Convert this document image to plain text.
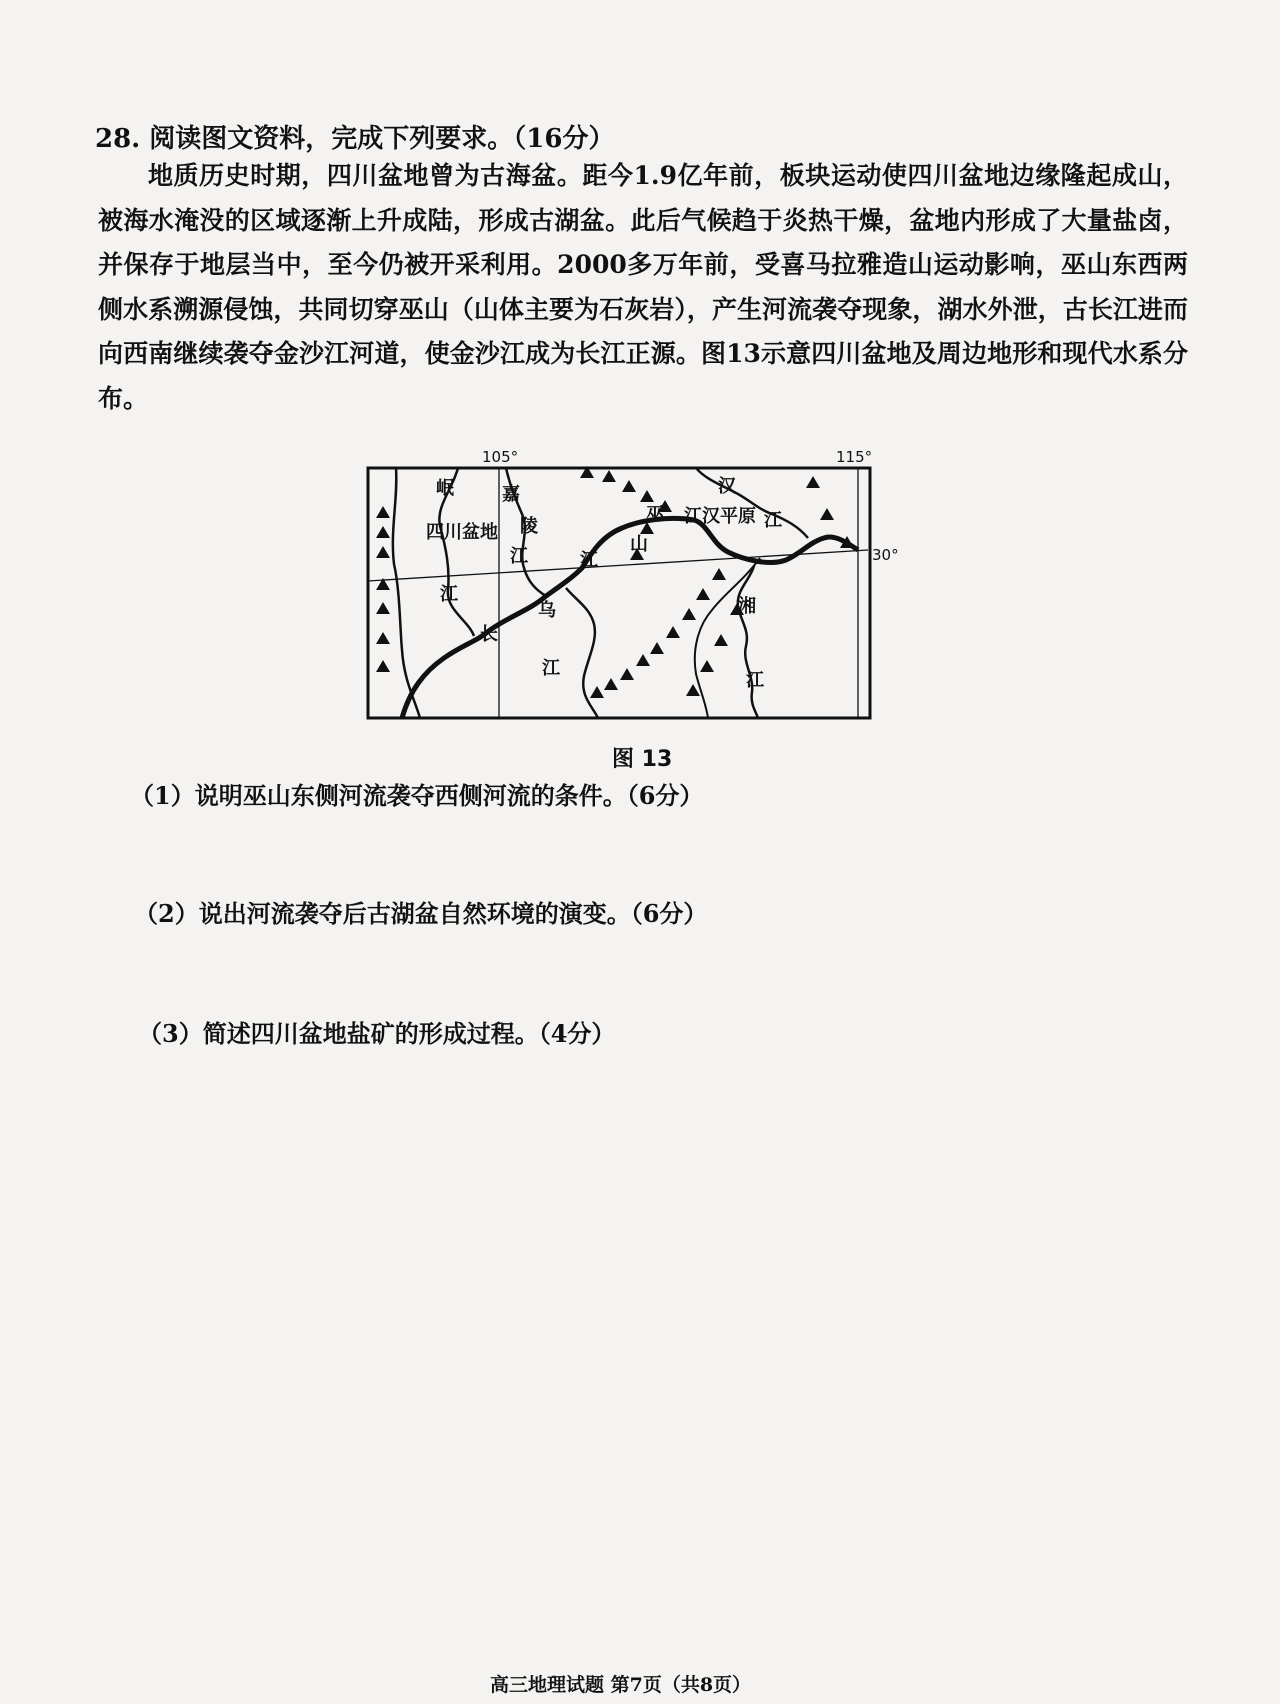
28. 阅读图文资料，完成下列要求。（16分）
地质历史时期，四川盆地曾为古海盆。距今1.9亿年前，板块运动使四川盆地边缘隆起成山，被海水淹没的区域逐渐上升成陆，形成古湖盆。此后气候趋于炎热干燥，盆地内形成了大量盐卤，并保存于地层当中，至今仍被开采利用。2000多万年前，受喜马拉雅造山运动影响，巫山东西两侧水系溯源侵蚀，共同切穿巫山（山体主要为石灰岩），产生河流袭夺现象，湖水外泄，古长江进而向西南继续袭夺金沙江河道，使金沙江成为长江正源。图13示意四川盆地及周边地形和现代水系分布。
105°	115°
30°
岷	嘉
陵
江
四川盆地
巫
山
汉
江汉平原 江
江
江
长
乌
江
湘
江
图 13
（1）说明巫山东侧河流袭夺西侧河流的条件。（6分）
（2）说出河流袭夺后古湖盆自然环境的演变。（6分）
（3）简述四川盆地盐矿的形成过程。（4分）
高三地理试题 第7页（共8页）
